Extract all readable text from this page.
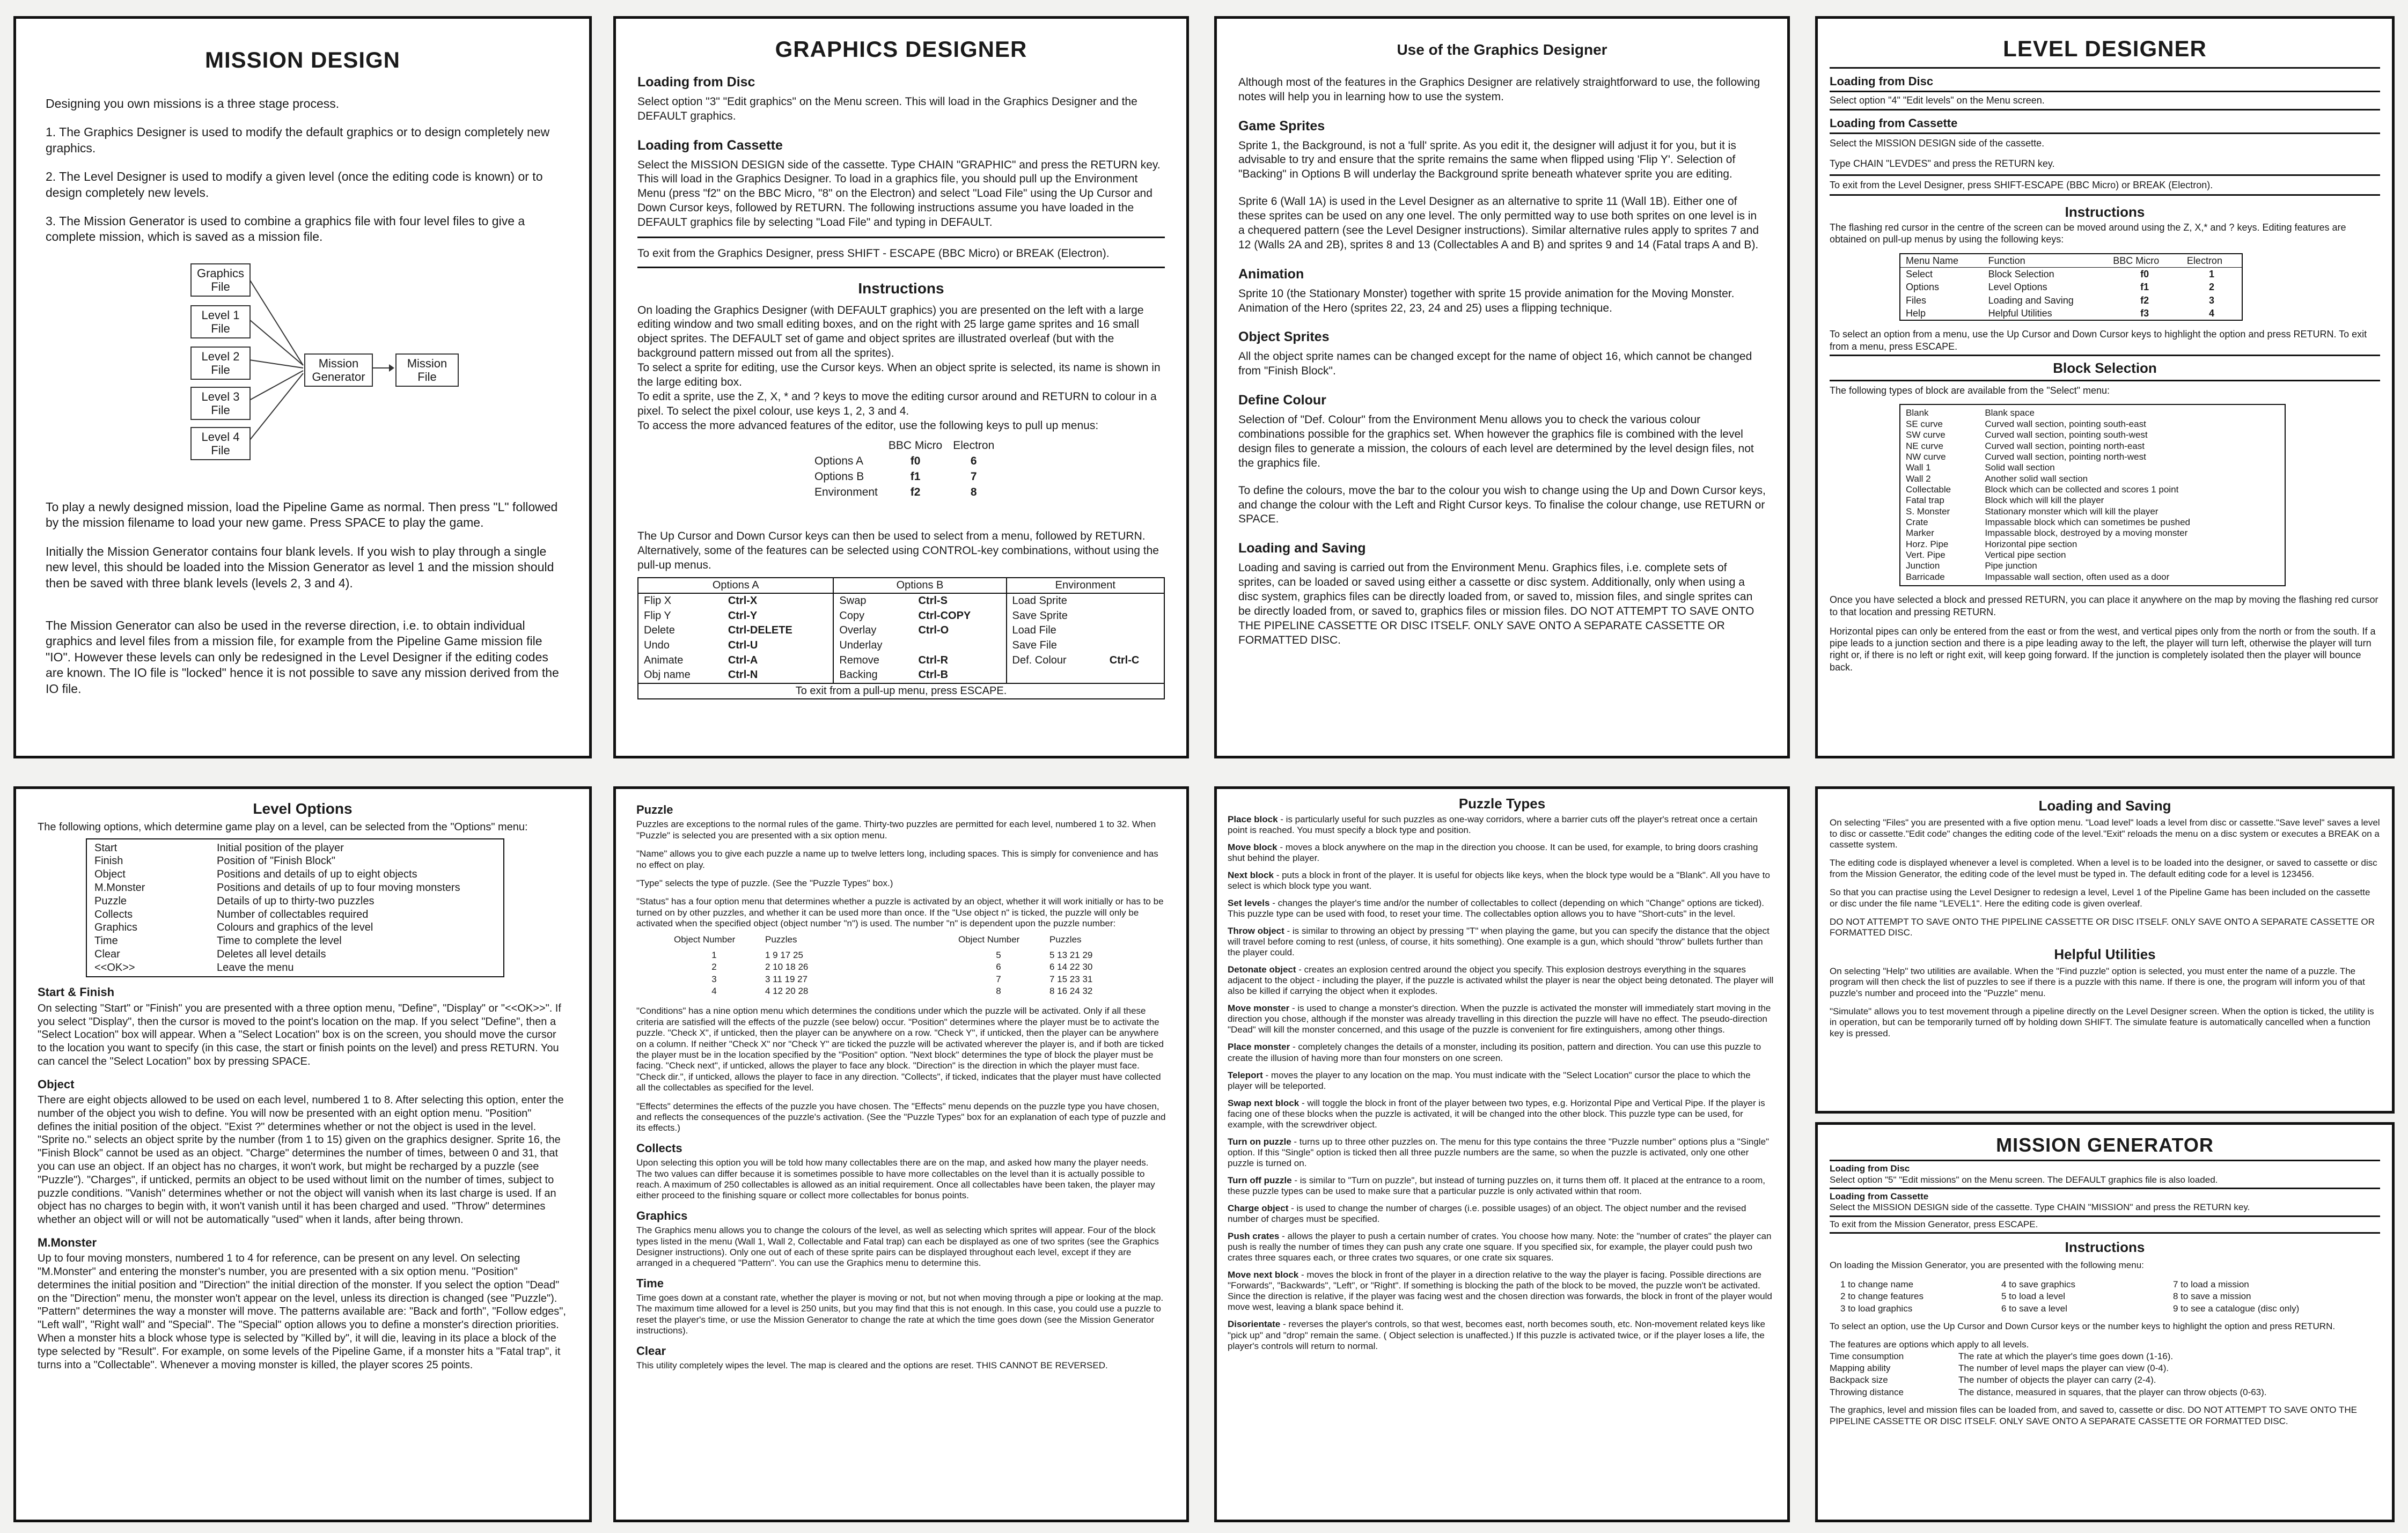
MISSION DESIGN

Designing you own missions is a three stage process.

1. The Graphics Designer is used to modify the default graphics or to design completely new graphics.

2. The Level Designer is used to modify a given level (once the editing code is known) or to design completely new levels.

3. The Mission Generator is used to combine a graphics file with four level files to give a complete mission, which is saved as a mission file.

Graphics File
Level 1 File
Level 2 File
Level 3 File
Level 4 File
Mission Generator
Mission File

To play a newly designed mission, load the Pipeline Game as normal. Then press "L" followed by the mission filename to load your new game. Press SPACE to play the game.

Initially the Mission Generator contains four blank levels. If you wish to play through a single new level, this should be loaded into the Mission Generator as level 1 and the mission should then be saved with three blank levels (levels 2, 3 and 4).

The Mission Generator can also be used in the reverse direction, i.e. to obtain individual graphics and level files from a mission file, for example from the Pipeline Game mission file "IO". However these levels can only be redesigned in the Level Designer if the editing codes are known. The IO file is "locked" hence it is not possible to save any mission derived from the IO file.

GRAPHICS DESIGNER
Loading from Disc

Select option "3" "Edit graphics" on the Menu screen. This will load in the Graphics Designer and the DEFAULT graphics.

Loading from Cassette

Select the MISSION DESIGN side of the cassette. Type CHAIN "GRAPHIC" and press the RETURN key. This will load in the Graphics Designer. To load in a graphics file, you should pull up the Environment Menu (press "f2" on the BBC Micro, "8" on the Electron) and select "Load File" using the Up Cursor and Down Cursor keys, followed by RETURN. The following instructions assume you have loaded in the DEFAULT graphics file by selecting "Load File" and typing in DEFAULT.

To exit from the Graphics Designer, press SHIFT - ESCAPE (BBC Micro) or BREAK (Electron).

Instructions

On loading the Graphics Designer (with DEFAULT graphics) you are presented on the left with a large editing window and two small editing boxes, and on the right with 25 large game sprites and 16 small object sprites. The DEFAULT set of game and object sprites are illustrated overleaf (but with the background pattern missed out from all the sprites).

To select a sprite for editing, use the Cursor keys. When an object sprite is selected, its name is shown in the large editing box.

To edit a sprite, use the Z, X, * and ? keys to move the editing cursor around and RETURN to colour in a pixel. To select the pixel colour, use keys 1, 2, 3 and 4.

To access the more advanced features of the editor, use the following keys to pull up menus:

	BBC Micro	Electron
Options A	f0	6
Options B	f1	7
Environment	f2	8

The Up Cursor and Down Cursor keys can then be used to select from a menu, followed by RETURN. Alternatively, some of the features can be selected using CONTROL-key combinations, without using the pull-up menus.

Options A		Options B		Environment	
Flip X	Ctrl-X	Swap	Ctrl-S	Load Sprite	
Flip Y	Ctrl-Y	Copy	Ctrl-COPY	Save Sprite	
Delete	Ctrl-DELETE	Overlay	Ctrl-O	Load File	
Undo	Ctrl-U	Underlay		Save File	
Animate	Ctrl-A	Remove	Ctrl-R	Def. Colour	Ctrl-C
Obj name	Ctrl-N	Backing	Ctrl-B		
To exit from a pull-up menu, press ESCAPE.					
Use of the Graphics Designer

Although most of the features in the Graphics Designer are relatively straightforward to use, the following notes will help you in learning how to use the system.

Game Sprites

Sprite 1, the Background, is not a 'full' sprite. As you edit it, the designer will adjust it for you, but it is advisable to try and ensure that the sprite remains the same when flipped using 'Flip Y'. Selection of "Backing" in Options B will underlay the Background sprite beneath whatever sprite you are editing.

Sprite 6 (Wall 1A) is used in the Level Designer as an alternative to sprite 11 (Wall 1B). Either one of these sprites can be used on any one level. The only permitted way to use both sprites on one level is in a chequered pattern (see the Level Designer instructions). Similar alternative rules apply to sprites 7 and 12 (Walls 2A and 2B), sprites 8 and 13 (Collectables A and B) and sprites 9 and 14 (Fatal traps A and B).

Animation

Sprite 10 (the Stationary Monster) together with sprite 15 provide animation for the Moving Monster. Animation of the Hero (sprites 22, 23, 24 and 25) uses a flipping technique.

Object Sprites

All the object sprite names can be changed except for the name of object 16, which cannot be changed from "Finish Block".

Define Colour

Selection of "Def. Colour" from the Environment Menu allows you to check the various colour combinations possible for the graphics set. When however the graphics file is combined with the level design files to generate a mission, the colours of each level are determined by the level design files, not the graphics file.

To define the colours, move the bar to the colour you wish to change using the Up and Down Cursor keys, and change the colour with the Left and Right Cursor keys. To finalise the colour change, use RETURN or SPACE.

Loading and Saving

Loading and saving is carried out from the Environment Menu. Graphics files, i.e. complete sets of sprites, can be loaded or saved using either a cassette or disc system. Additionally, only when using a disc system, graphics files can be directly loaded from, or saved to, mission files, and single sprites can be directly loaded from, or saved to, graphics files or mission files. DO NOT ATTEMPT TO SAVE ONTO THE PIPELINE CASSETTE OR DISC ITSELF. ONLY SAVE ONTO A SEPARATE CASSETTE OR FORMATTED DISC.

LEVEL DESIGNER
Loading from Disc

Select option "4" "Edit levels" on the Menu screen.

Loading from Cassette

Select the MISSION DESIGN side of the cassette.

Type CHAIN "LEVDES" and press the RETURN key.

To exit from the Level Designer, press SHIFT-ESCAPE (BBC Micro) or BREAK (Electron).

Instructions

The flashing red cursor in the centre of the screen can be moved around using the Z, X,* and ? keys. Editing features are obtained on pull-up menus by using the following keys:

Menu Name	Function	BBC Micro	Electron
Select	Block Selection	f0	1
Options	Level Options	f1	2
Files	Loading and Saving	f2	3
Help	Helpful Utilities	f3	4

To select an option from a menu, use the Up Cursor and Down Cursor keys to highlight the option and press RETURN. To exit from a menu, press ESCAPE.

Block Selection

The following types of block are available from the "Select" menu:

Blank	Blank space
SE curve	Curved wall section, pointing south-east
SW curve	Curved wall section, pointing south-west
NE curve	Curved wall section, pointing north-east
NW curve	Curved wall section, pointing north-west
Wall 1	Solid wall section
Wall 2	Another solid wall section
Collectable	Block which can be collected and scores 1 point
Fatal trap	Block which will kill the player
S. Monster	Stationary monster which will kill the player
Crate	Impassable block which can sometimes be pushed
Marker	Impassable block, destroyed by a moving monster
Horz. Pipe	Horizontal pipe section
Vert. Pipe	Vertical pipe section
Junction	Pipe junction
Barricade	Impassable wall section, often used as a door

Once you have selected a block and pressed RETURN, you can place it anywhere on the map by moving the flashing red cursor to that location and pressing RETURN.

Horizontal pipes can only be entered from the east or from the west, and vertical pipes only from the north or from the south. If a pipe leads to a junction section and there is a pipe leading away to the left, the player will turn left, otherwise the player will turn right or, if there is no left or right exit, will keep going forward. If the junction is completely isolated then the player will bounce back.

Level Options

The following options, which determine game play on a level, can be selected from the "Options" menu:

Start	Initial position of the player
Finish	Position of "Finish Block"
Object	Positions and details of up to eight objects
M.Monster	Positions and details of up to four moving monsters
Puzzle	Details of up to thirty-two puzzles
Collects	Number of collectables required
Graphics	Colours and graphics of the level
Time	Time to complete the level
Clear	Deletes all level details
<<OK>>	Leave the menu
Start & Finish

On selecting "Start" or "Finish" you are presented with a three option menu, "Define", "Display" or "<<OK>>". If you select "Display", then the cursor is moved to the point's location on the map. If you select "Define", then a "Select Location" box will appear. When a "Select Location" box is on the screen, you should move the cursor to the location you want to specify (in this case, the start or finish points on the level) and press RETURN. You can cancel the "Select Location" box by pressing SPACE.

Object

There are eight objects allowed to be used on each level, numbered 1 to 8. After selecting this option, enter the number of the object you wish to define. You will now be presented with an eight option menu. "Position" defines the initial position of the object. "Exist ?" determines whether or not the object is used in the level. "Sprite no." selects an object sprite by the number (from 1 to 15) given on the graphics designer. Sprite 16, the "Finish Block" cannot be used as an object. "Charge" determines the number of times, between 0 and 31, that you can use an object. If an object has no charges, it won't work, but might be recharged by a puzzle (see "Puzzle"). "Charges", if unticked, permits an object to be used without limit on the number of times, subject to puzzle conditions. "Vanish" determines whether or not the object will vanish when its last charge is used. If an object has no charges to begin with, it won't vanish until it has been charged and used. "Throw" determines whether an object will or will not be automatically "used" when it lands, after being thrown.

M.Monster

Up to four moving monsters, numbered 1 to 4 for reference, can be present on any level. On selecting "M.Monster" and entering the monster's number, you are presented with a six option menu. "Position" determines the initial position and "Direction" the initial direction of the monster. If you select the option "Dead" on the "Direction" menu, the monster won't appear on the level, unless its direction is changed (see "Puzzle"). "Pattern" determines the way a monster will move. The patterns available are: "Back and forth", "Follow edges", "Left wall", "Right wall" and "Special". The "Special" option allows you to define a monster's direction priorities. When a monster hits a block whose type is selected by "Killed by", it will die, leaving in its place a block of the type selected by "Result". For example, on some levels of the Pipeline Game, if a monster hits a "Fatal trap", it turns into a "Collectable". Whenever a moving monster is killed, the player scores 25 points.

Puzzle

Puzzles are exceptions to the normal rules of the game. Thirty-two puzzles are permitted for each level, numbered 1 to 32. When "Puzzle" is selected you are presented with a six option menu.

"Name" allows you to give each puzzle a name up to twelve letters long, including spaces. This is simply for convenience and has no effect on play.

"Type" selects the type of puzzle. (See the "Puzzle Types" box.)

"Status" has a four option menu that determines whether a puzzle is activated by an object, whether it will work initially or has to be turned on by other puzzles, and whether it can be used more than once. If the "Use object n" is ticked, the puzzle will only be activated when the specified object (object number "n") is used. The number "n" is dependent upon the puzzle number:

Object Number	Puzzles	Object Number	Puzzles
1	1 9 17 25	5	5 13 21 29
2	2 10 18 26	6	6 14 22 30
3	3 11 19 27	7	7 15 23 31
4	4 12 20 28	8	8 16 24 32

"Conditions" has a nine option menu which determines the conditions under which the puzzle will be activated. Only if all these criteria are satisfied will the effects of the puzzle (see below) occur. "Position" determines where the player must be to activate the puzzle. "Check X", if unticked, then the player can be anywhere on a row. "Check Y", if unticked, then the player can be anywhere on a column. If neither "Check X" nor "Check Y" are ticked the puzzle will be activated wherever the player is, and if both are ticked the player must be in the location specified by the "Position" option. "Next block" determines the type of block the player must be facing. "Check next", if unticked, allows the player to face any block. "Direction" is the direction in which the player must face. "Check dir.", if unticked, allows the player to face in any direction. "Collects", if ticked, indicates that the player must have collected all the collectables as specified for the level.

"Effects" determines the effects of the puzzle you have chosen. The "Effects" menu depends on the puzzle type you have chosen, and reflects the consequences of the puzzle's activation. (See the "Puzzle Types" box for an explanation of each type of puzzle and its effects.)

Collects

Upon selecting this option you will be told how many collectables there are on the map, and asked how many the player needs. The two values can differ because it is sometimes possible to have more collectables on the level than it is actually possible to reach. A maximum of 250 collectables is allowed as an initial requirement. Once all collectables have been taken, the player may either proceed to the finishing square or collect more collectables for bonus points.

Graphics

The Graphics menu allows you to change the colours of the level, as well as selecting which sprites will appear. Four of the block types listed in the menu (Wall 1, Wall 2, Collectable and Fatal trap) can each be displayed as one of two sprites (see the Graphics Designer instructions). Only one out of each of these sprite pairs can be displayed throughout each level, except if they are arranged in a chequered "Pattern". You can use the Graphics menu to determine this.

Time

Time goes down at a constant rate, whether the player is moving or not, but not when moving through a pipe or looking at the map. The maximum time allowed for a level is 250 units, but you may find that this is not enough. In this case, you could use a puzzle to reset the player's time, or use the Mission Generator to change the rate at which the time goes down (see the Mission Generator instructions).

Clear

This utility completely wipes the level. The map is cleared and the options are reset. THIS CANNOT BE REVERSED.

Puzzle Types

Place block - is particularly useful for such puzzles as one-way corridors, where a barrier cuts off the player's retreat once a certain point is reached. You must specify a block type and position.

Move block - moves a block anywhere on the map in the direction you choose. It can be used, for example, to bring doors crashing shut behind the player.

Next block - puts a block in front of the player. It is useful for objects like keys, when the block type would be a "Blank". All you have to select is which block type you want.

Set levels - changes the player's time and/or the number of collectables to collect (depending on which "Change" options are ticked). This puzzle type can be used with food, to reset your time. The collectables option allows you to have "Short-cuts" in the level.

Throw object - is similar to throwing an object by pressing "T" when playing the game, but you can specify the distance that the object will travel before coming to rest (unless, of course, it hits something). One example is a gun, which should "throw" bullets further than the player could.

Detonate object - creates an explosion centred around the object you specify. This explosion destroys everything in the squares adjacent to the object - including the player, if the puzzle is activated whilst the player is near the object being detonated. The player will also be killed if carrying the object when it explodes.

Move monster - is used to change a monster's direction. When the puzzle is activated the monster will immediately start moving in the direction you chose, although if the monster was already travelling in this direction the puzzle will have no effect. The pseudo-direction "Dead" will kill the monster concerned, and this usage of the puzzle is convenient for fire extinguishers, among other things.

Place monster - completely changes the details of a monster, including its position, pattern and direction. You can use this puzzle to create the illusion of having more than four monsters on one screen.

Teleport - moves the player to any location on the map. You must indicate with the "Select Location" cursor the place to which the player will be teleported.

Swap next block - will toggle the block in front of the player between two types, e.g. Horizontal Pipe and Vertical Pipe. If the player is facing one of these blocks when the puzzle is activated, it will be changed into the other block. This puzzle type can be used, for example, with the screwdriver object.

Turn on puzzle - turns up to three other puzzles on. The menu for this type contains the three "Puzzle number" options plus a "Single" option. If this "Single" option is ticked then all three puzzle numbers are the same, so when the puzzle is activated, only one other puzzle is turned on.

Turn off puzzle - is similar to "Turn on puzzle", but instead of turning puzzles on, it turns them off. It placed at the entrance to a room, these puzzle types can be used to make sure that a particular puzzle is only activated within that room.

Charge object - is used to change the number of charges (i.e. possible usages) of an object. The object number and the revised number of charges must be specified.

Push crates - allows the player to push a certain number of crates. You choose how many. Note: the "number of crates" the player can push is really the number of times they can push any crate one square. If you specified six, for example, the player could push two crates three squares each, or three crates two squares, or one crate six squares.

Move next block - moves the block in front of the player in a direction relative to the way the player is facing. Possible directions are "Forwards", "Backwards", "Left", or "Right". If something is blocking the path of the block to be moved, the puzzle won't be activated. Since the direction is relative, if the player was facing west and the chosen direction was forwards, the block in front of the player would move west, leaving a blank space behind it.

Disorientate - reverses the player's controls, so that west, becomes east, north becomes south, etc. Non-movement related keys like "pick up" and "drop" remain the same. ( Object selection is unaffected.) If this puzzle is activated twice, or if the player loses a life, the player's controls will return to normal.

Loading and Saving

On selecting "Files" you are presented with a five option menu. "Load level" loads a level from disc or cassette."Save level" saves a level to disc or cassette."Edit code" changes the editing code of the level."Exit" reloads the menu on a disc system or executes a BREAK on a cassette system.

The editing code is displayed whenever a level is completed. When a level is to be loaded into the designer, or saved to cassette or disc from the Mission Generator, the editing code of the level must be typed in. The default editing code for a level is 123456.

So that you can practise using the Level Designer to redesign a level, Level 1 of the Pipeline Game has been included on the cassette or disc under the file name "LEVEL1". Here the editing code is given overleaf.

DO NOT ATTEMPT TO SAVE ONTO THE PIPELINE CASSETTE OR DISC ITSELF. ONLY SAVE ONTO A SEPARATE CASSETTE OR FORMATTED DISC.

Helpful Utilities

On selecting "Help" two utilities are available. When the "Find puzzle" option is selected, you must enter the name of a puzzle. The program will then check the list of puzzles to see if there is a puzzle with this name. If there is one, the program will inform you of that puzzle's number and proceed into the "Puzzle" menu.

"Simulate" allows you to test movement through a pipeline directly on the Level Designer screen. When the option is ticked, the utility is in operation, but can be temporarily turned off by holding down SHIFT. The simulate feature is automatically cancelled when a function key is pressed.

MISSION GENERATOR
Loading from Disc

Select option "5" "Edit missions" on the Menu screen. The DEFAULT graphics file is also loaded.

Loading from Cassette

Select the MISSION DESIGN side of the cassette. Type CHAIN "MISSION" and press the RETURN key.

To exit from the Mission Generator, press ESCAPE.

Instructions

On loading the Mission Generator, you are presented with the following menu:

1 to change name	4 to save graphics	7 to load a mission
2 to change features	5 to load a level	8 to save a mission
3 to load graphics	6 to save a level	9 to see a catalogue (disc only)

To select an option, use the Up Cursor and Down Cursor keys or the number keys to highlight the option and press RETURN.

The features are options which apply to all levels.

Time consumption	The rate at which the player's time goes down (1-16).
Mapping ability	The number of level maps the player can view (0-4).
Backpack size	The number of objects the player can carry (2-4).
Throwing distance	The distance, measured in squares, that the player can throw objects (0-63).

The graphics, level and mission files can be loaded from, and saved to, cassette or disc. DO NOT ATTEMPT TO SAVE ONTO THE PIPELINE CASSETTE OR DISC ITSELF. ONLY SAVE ONTO A SEPARATE CASSETTE OR FORMATTED DISC.
